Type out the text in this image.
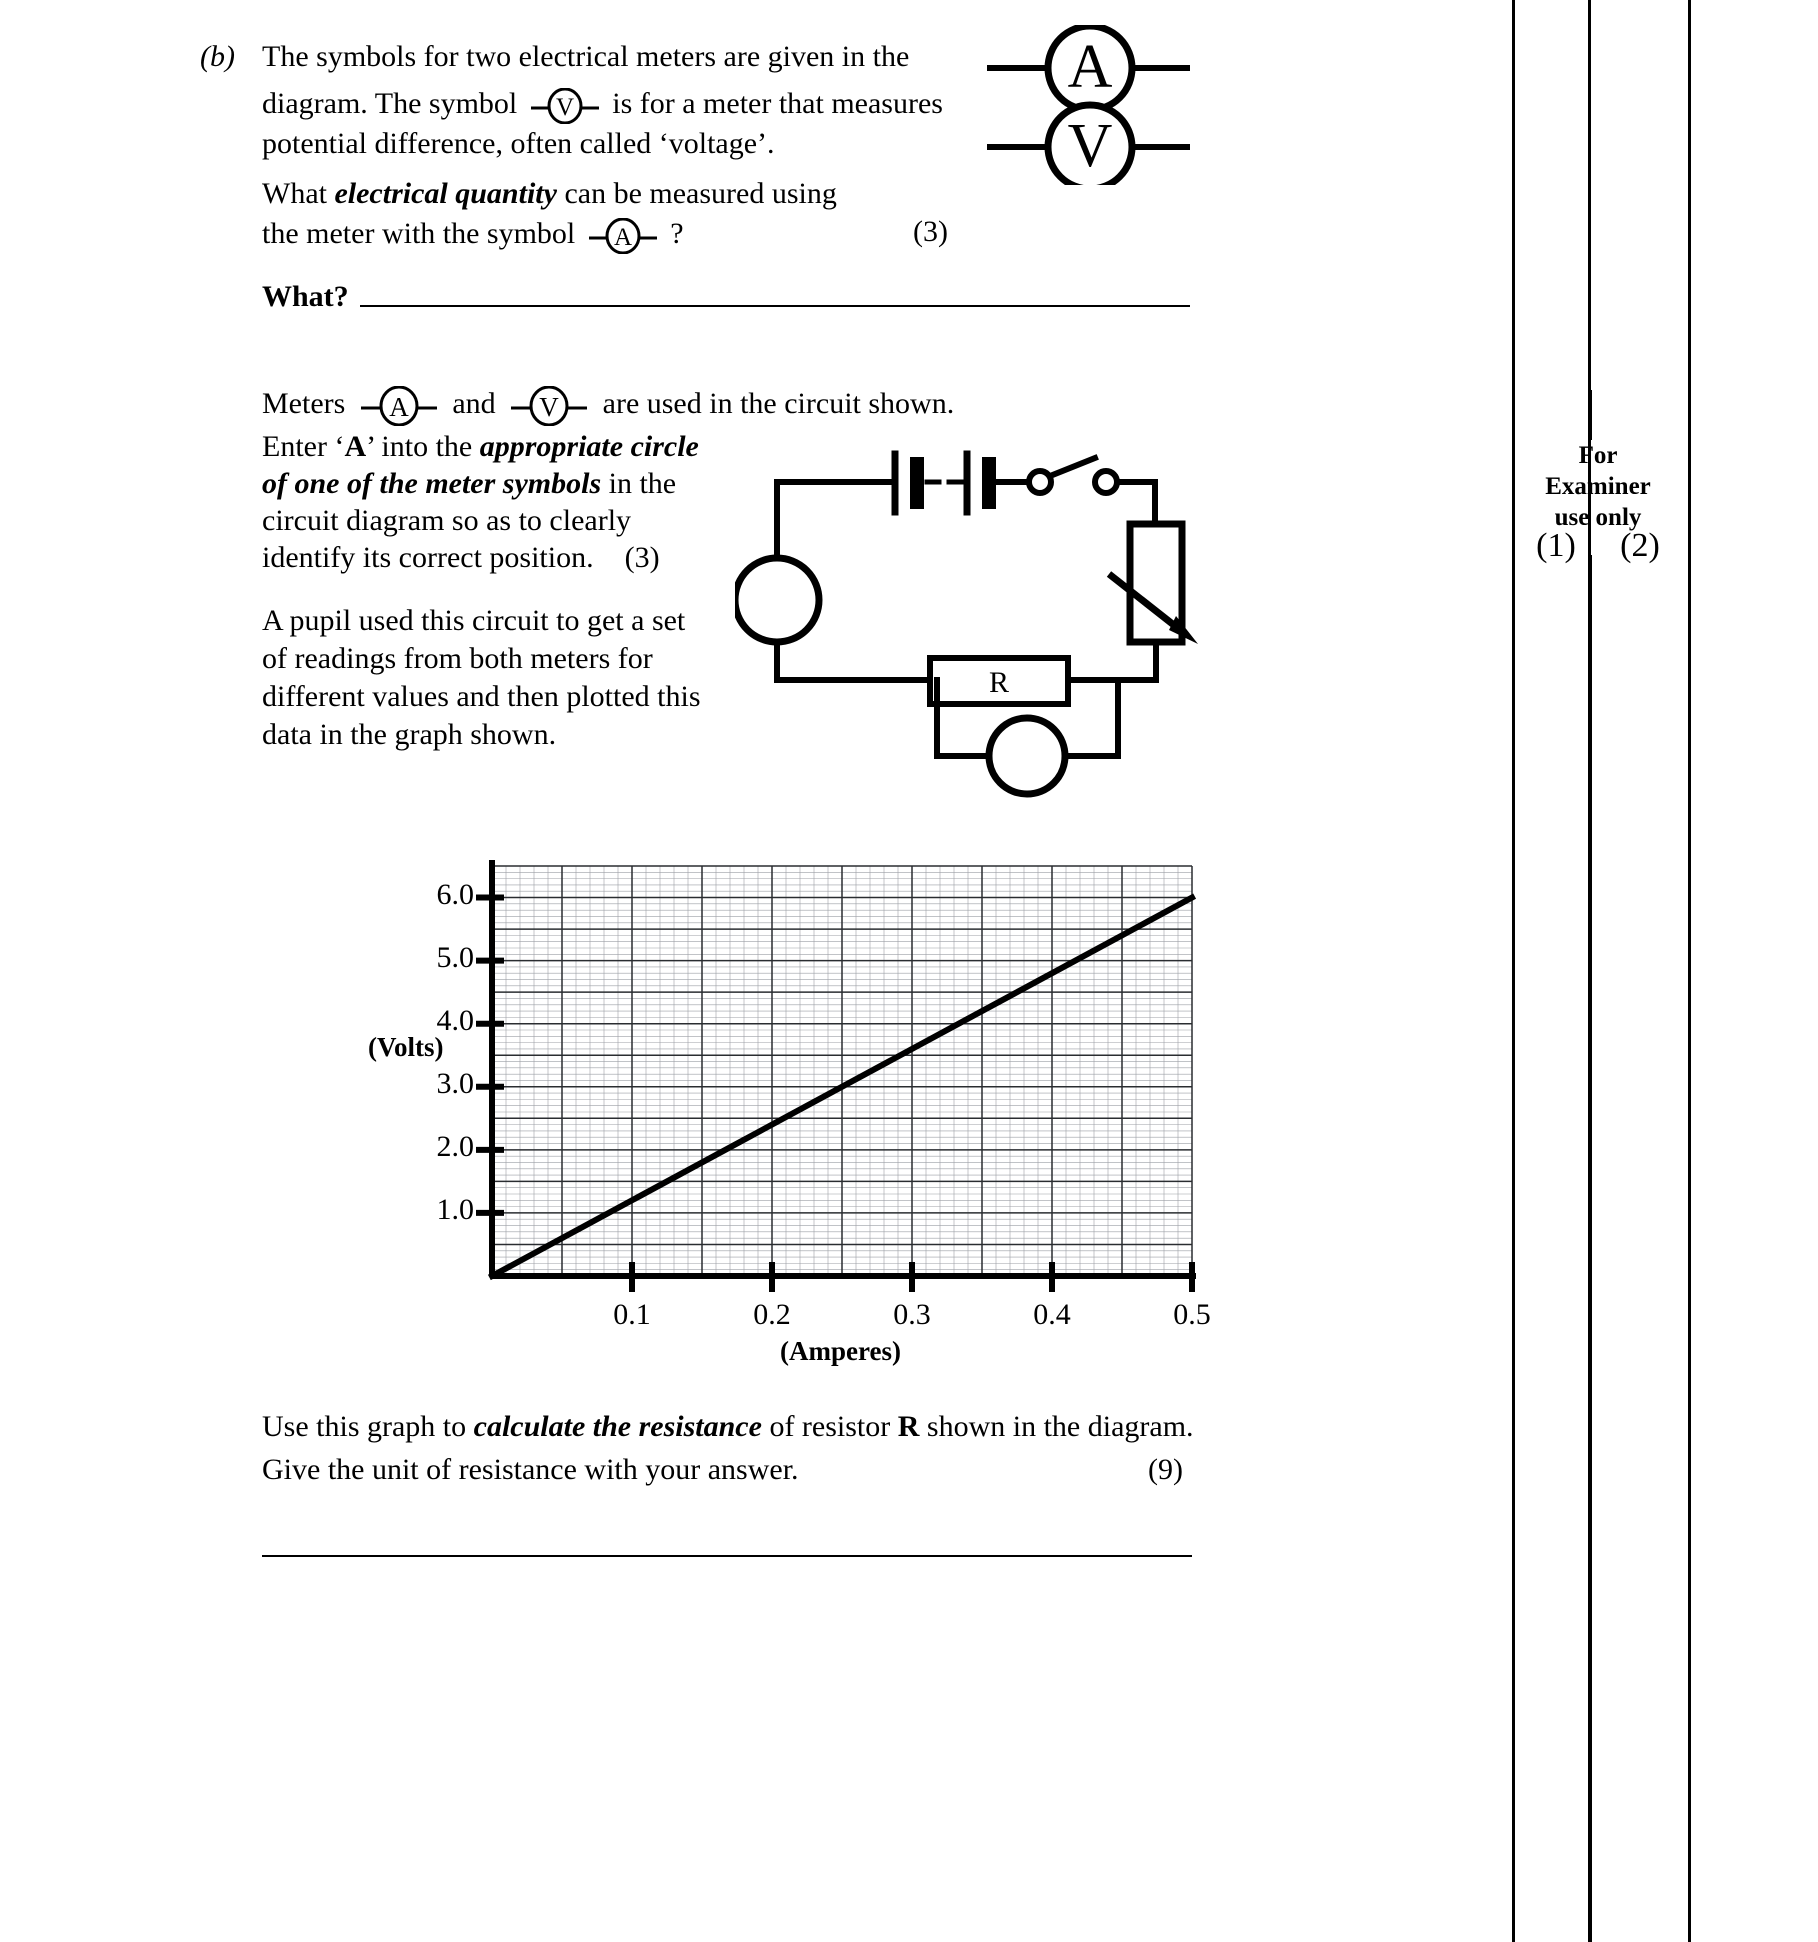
(b) The symbols for two electrical meters are given in the
diagram. The symbol V is for a meter that measures
potential difference, often called ‘voltage’.
What electrical quantity can be measured using
the meter with the symbol A ?	(3)
A
V
What?
Meters A and V are used in the circuit shown.
Enter ‘A’ into the appropriate circle
of one of the meter symbols in the
circuit diagram so as to clearly
identify its correct position. (3)
A pupil used this circuit to get a set
of readings from both meters for
different values and then plotted this
data in the graph shown.
R
(Volts)
(Amperes)
Use this graph to calculate the resistance of resistor R shown in the diagram.
Give the unit of resistance with your answer.	(9)
For
Examiner
use only
(1) (2)
1.0
2.0
3.0
4.0
5.0
6.0
0.1	0.2	0.3	0.4	0.5
